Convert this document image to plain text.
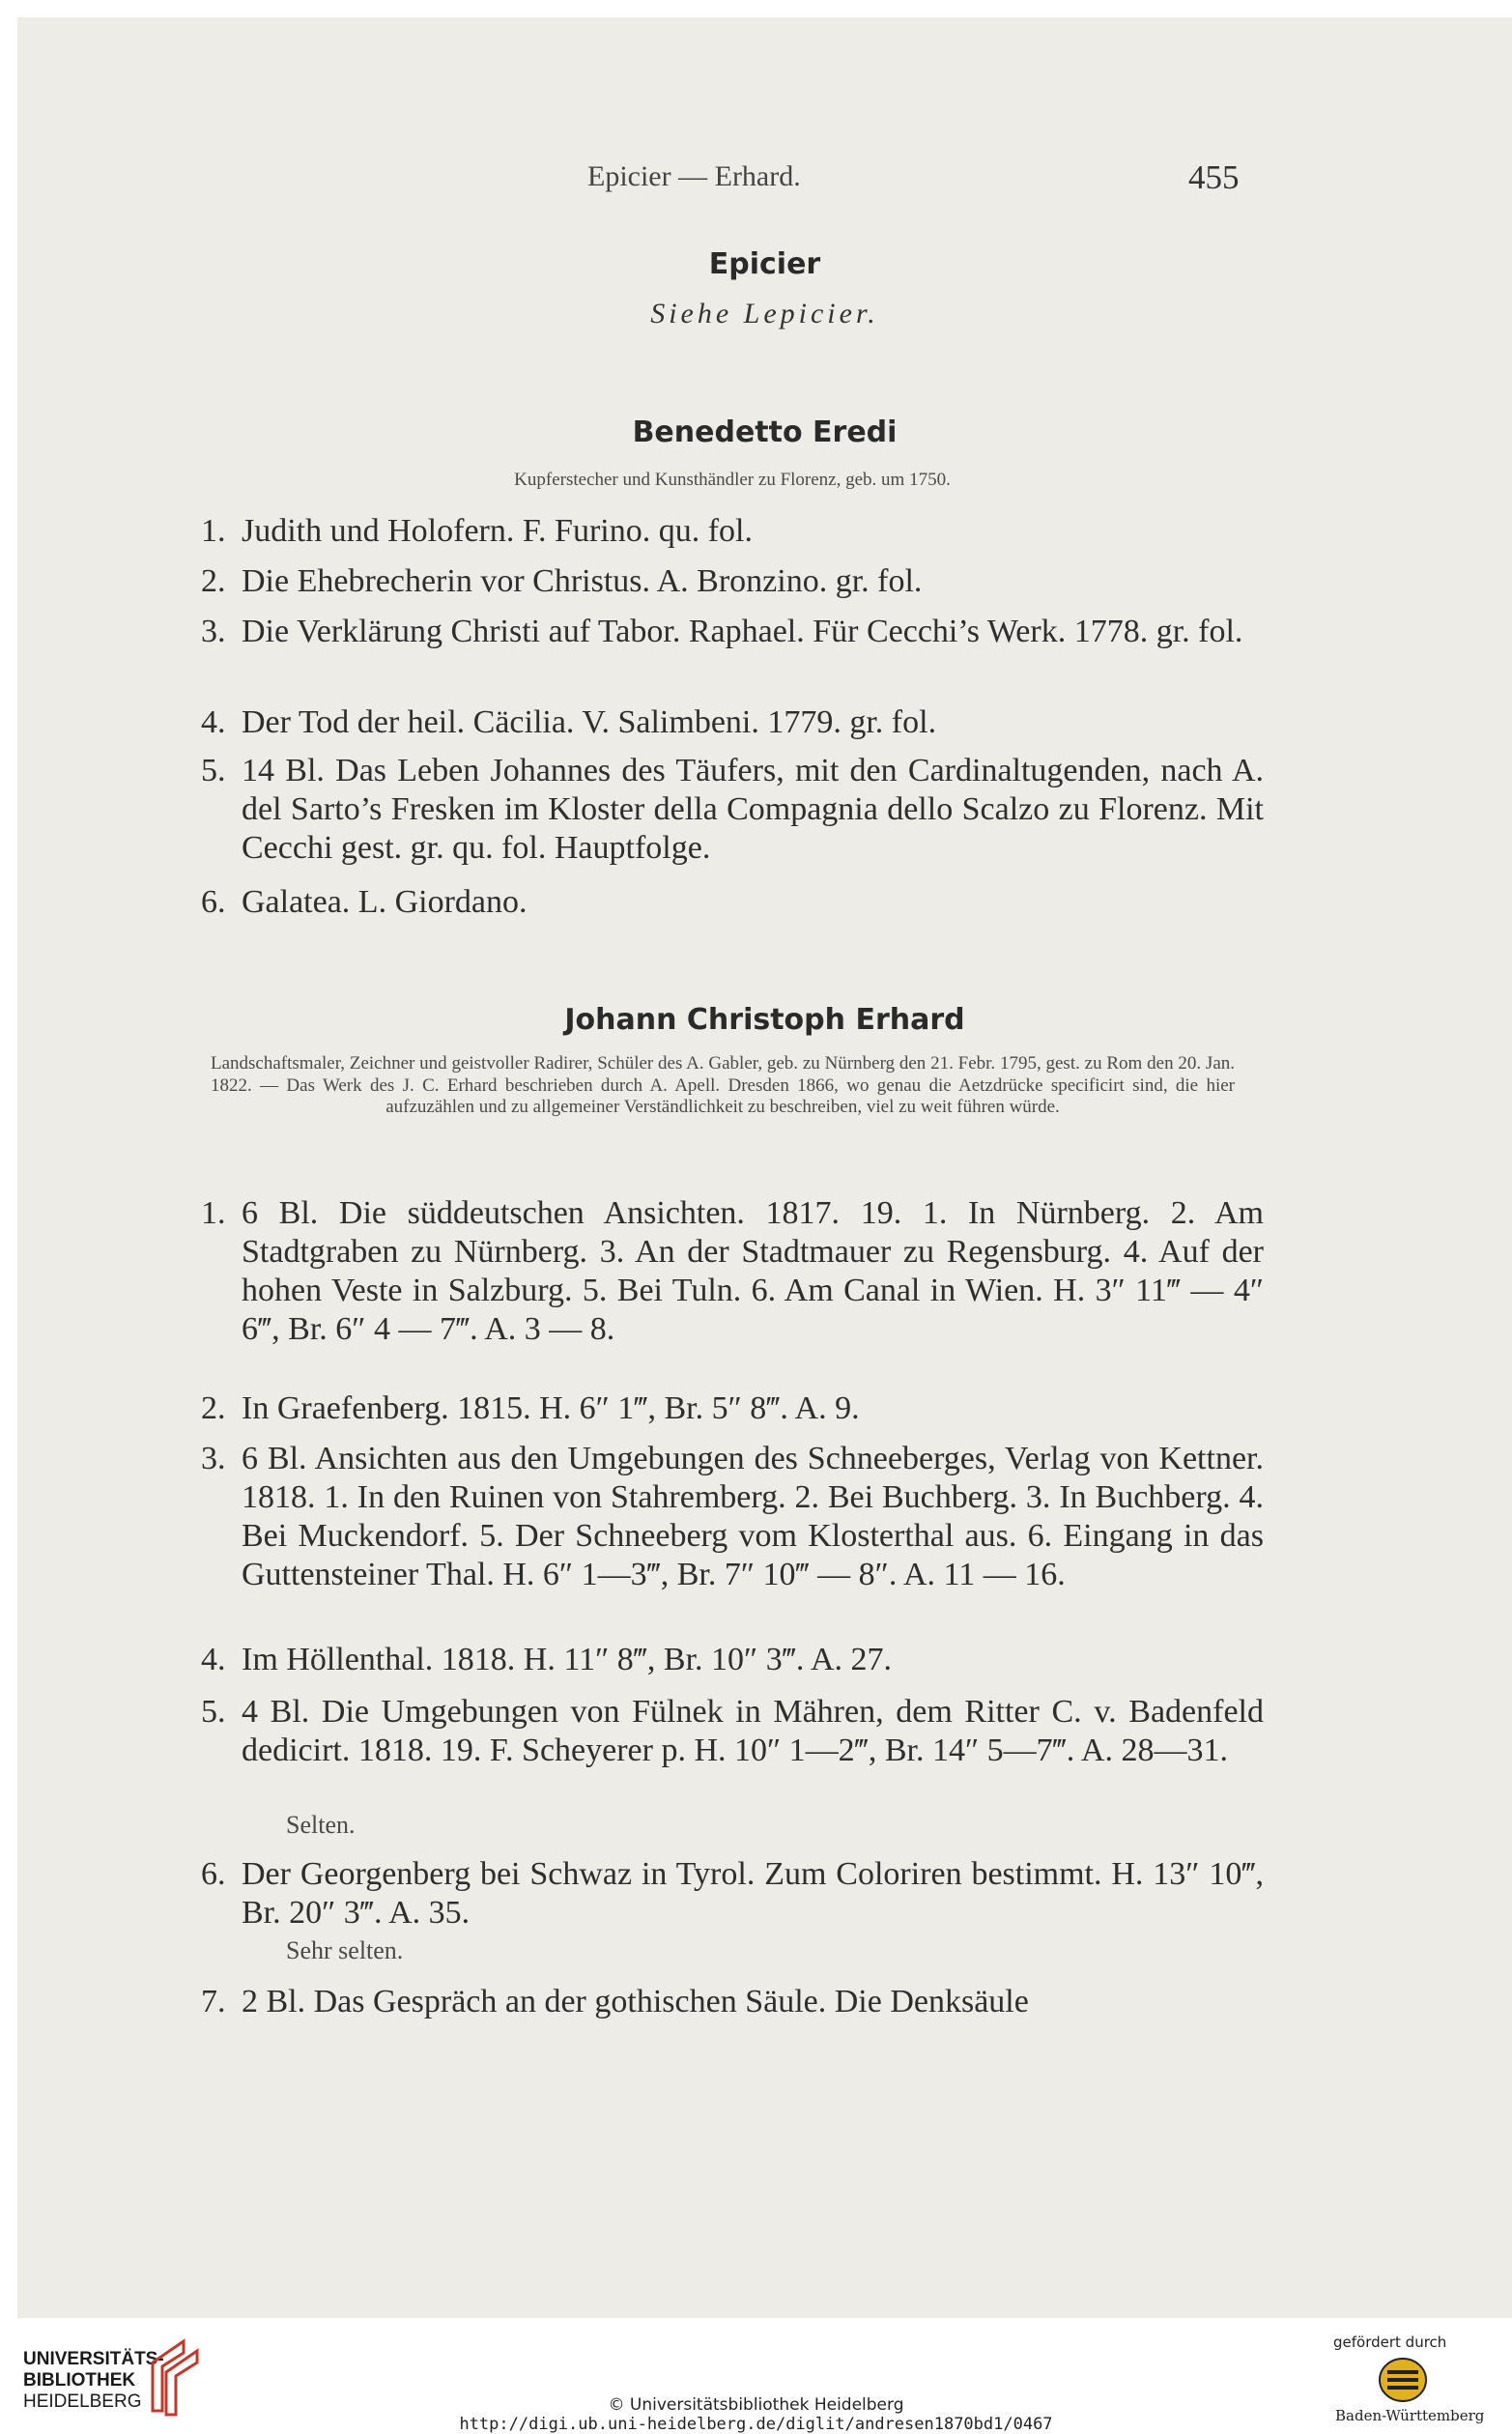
Epicier — Erhard.	455
Epicier
Siehe Lepicier.
Benedetto Eredi
Kupferstecher und Kunsthändler zu Florenz, geb. um 1750.
1. Judith und Holofern. F. Furino. qu. fol.
2. Die Ehebrecherin vor Christus. A. Bronzino. gr. fol.
3. Die Verklärung Christi auf Tabor. Raphael. Für Cecchi’s Werk. 1778. gr. fol.
4. Der Tod der heil. Cäcilia. V. Salimbeni. 1779. gr. fol.
5. 14 Bl. Das Leben Johannes des Täufers, mit den Cardinaltugenden, nach A. del Sarto’s Fresken im Kloster della Compagnia dello Scalzo zu Florenz. Mit Cecchi gest. gr. qu. fol. Hauptfolge.
6. Galatea. L. Giordano.
Johann Christoph Erhard
Landschaftsmaler, Zeichner und geistvoller Radirer, Schüler des A. Gabler, geb. zu Nürnberg den 21. Febr. 1795, gest. zu Rom den 20. Jan. 1822. — Das Werk des J. C. Erhard beschrieben durch A. Apell. Dresden 1866, wo genau die Aetzdrücke specificirt sind, die hier aufzuzählen und zu allgemeiner Verständlichkeit zu beschreiben, viel zu weit führen würde.
1. 6 Bl. Die süddeutschen Ansichten. 1817. 19. 1. In Nürnberg. 2. Am Stadtgraben zu Nürnberg. 3. An der Stadtmauer zu Regensburg. 4. Auf der hohen Veste in Salzburg. 5. Bei Tuln. 6. Am Canal in Wien. H. 3″ 11‴ — 4″ 6‴, Br. 6″ 4 — 7‴. A. 3 — 8.
2. In Graefenberg. 1815. H. 6″ 1‴, Br. 5″ 8‴. A. 9.
3. 6 Bl. Ansichten aus den Umgebungen des Schneeberges, Verlag von Kettner. 1818. 1. In den Ruinen von Stahremberg. 2. Bei Buchberg. 3. In Buchberg. 4. Bei Muckendorf. 5. Der Schneeberg vom Klosterthal aus. 6. Eingang in das Guttensteiner Thal. H. 6″ 1—3‴, Br. 7″ 10‴ — 8″. A. 11 — 16.
4. Im Höllenthal. 1818. H. 11″ 8‴, Br. 10″ 3‴. A. 27.
5. 4 Bl. Die Umgebungen von Fülnek in Mähren, dem Ritter C. v. Badenfeld dedicirt. 1818. 19. F. Scheyerer p. H. 10″ 1—2‴, Br. 14″ 5—7‴. A. 28—31.
Selten.
6. Der Georgenberg bei Schwaz in Tyrol. Zum Coloriren bestimmt. H. 13″ 10‴, Br. 20″ 3‴. A. 35.
Sehr selten.
7. 2 Bl. Das Gespräch an der gothischen Säule. Die Denksäule
UNIVERSITÄTS-
BIBLIOTHEK
HEIDELBERG	© Universitätsbibliothek Heidelberg
http://digi.ub.uni-heidelberg.de/diglit/andresen1870bd1/0467
gefördert durch
Baden-Württemberg
